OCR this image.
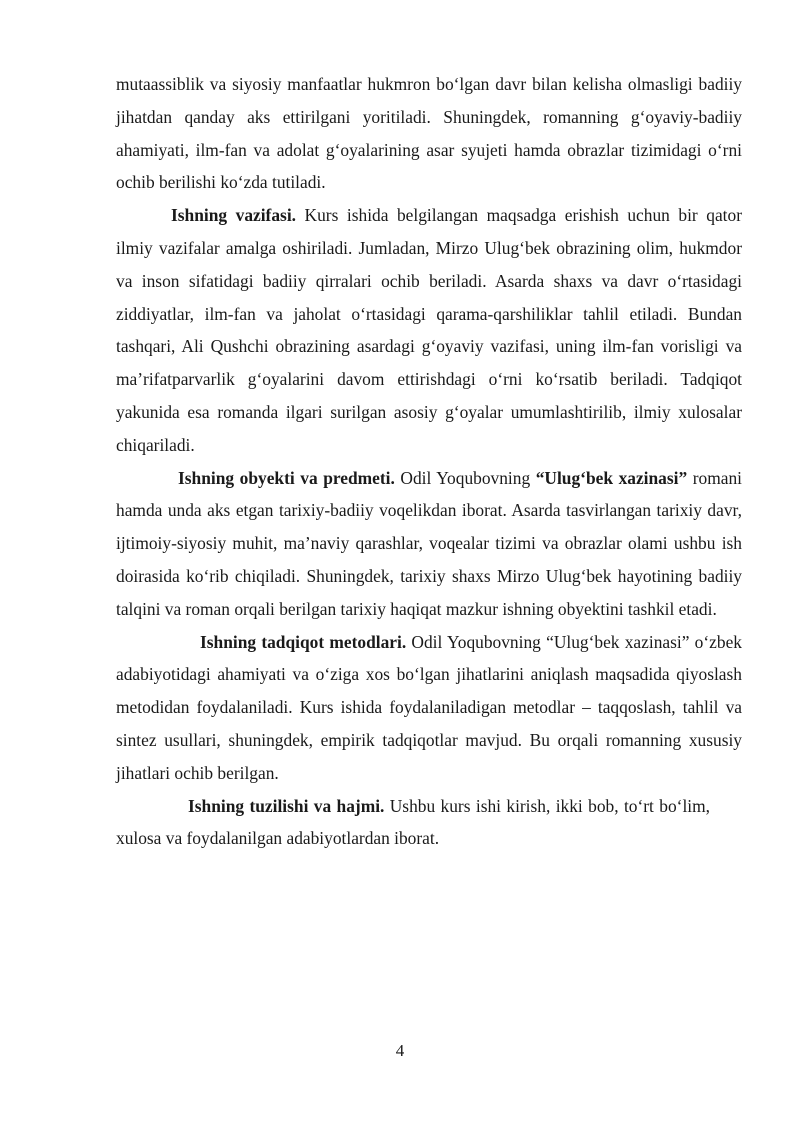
mutaassiblik va siyosiy manfaatlar hukmron bo‘lgan davr bilan kelisha olmasligi badiiy jihatdan qanday aks ettirilgani yoritiladi. Shuningdek, romanning g‘oyaviy-badiiy ahamiyati, ilm-fan va adolat g‘oyalarining asar syujeti hamda obrazlar tizimidagi o‘rni ochib berilishi ko‘zda tutiladi.

Ishning vazifasi. Kurs ishida belgilangan maqsadga erishish uchun bir qator ilmiy vazifalar amalga oshiriladi. Jumladan, Mirzo Ulug‘bek obrazining olim, hukmdor va inson sifatidagi badiiy qirralari ochib beriladi. Asarda shaxs va davr o‘rtasidagi ziddiyatlar, ilm-fan va jaholat o‘rtasidagi qarama-qarshiliklar tahlil etiladi. Bundan tashqari, Ali Qushchi obrazining asardagi g‘oyaviy vazifasi, uning ilm-fan vorisligi va ma’rifatparvarlik g‘oyalarini davom ettirishdagi o‘rni ko‘rsatib beriladi. Tadqiqot yakunida esa romanda ilgari surilgan asosiy g‘oyalar umumlashtirilib, ilmiy xulosalar chiqariladi.

Ishning obyekti va predmeti. Odil Yoqubovning “Ulug‘bek xazinasi” romani hamda unda aks etgan tarixiy-badiiy voqelikdan iborat. Asarda tasvirlangan tarixiy davr, ijtimoiy-siyosiy muhit, ma’naviy qarashlar, voqealar tizimi va obrazlar olami ushbu ish doirasida ko‘rib chiqiladi. Shuningdek, tarixiy shaxs Mirzo Ulug‘bek hayotining badiiy talqini va roman orqali berilgan tarixiy haqiqat mazkur ishning obyektini tashkil etadi.

Ishning tadqiqot metodlari. Odil Yoqubovning “Ulug‘bek xazinasi” o‘zbek adabiyotidagi ahamiyati va o‘ziga xos bo‘lgan jihatlarini aniqlash maqsadida qiyoslash metodidan foydalaniladi. Kurs ishida foydalaniladigan metodlar – taqqoslash, tahlil va sintez usullari, shuningdek, empirik tadqiqotlar mavjud. Bu orqali romanning xususiy jihatlari ochib berilgan.

Ishning tuzilishi va hajmi. Ushbu kurs ishi kirish, ikki bob, to‘rt bo‘lim, xulosa va foydalanilgan adabiyotlardan iborat.

4
